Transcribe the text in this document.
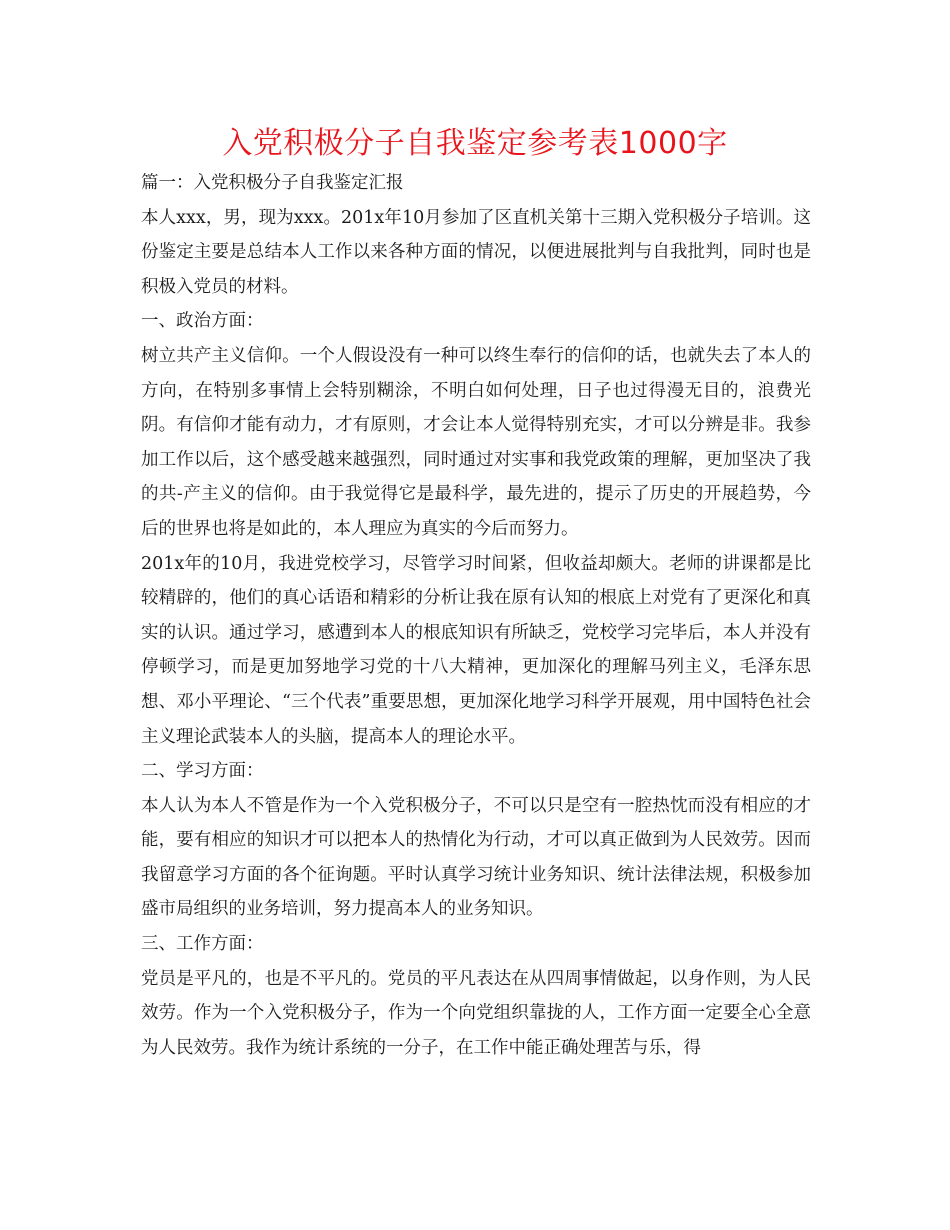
入党积极分子自我鉴定参考表1000字

篇一：入党积极分子自我鉴定汇报

本人xxx，男，现为xxx。201x年10月参加了区直机关第十三期入党积极分子培训。这份鉴定主要是总结本人工作以来各种方面的情况，以便进展批判与自我批判，同时也是积极入党员的材料。

一、政治方面：

树立共产主义信仰。一个人假设没有一种可以终生奉行的信仰的话，也就失去了本人的方向，在特别多事情上会特别糊涂，不明白如何处理，日子也过得漫无目的，浪费光阴。有信仰才能有动力，才有原则，才会让本人觉得特别充实，才可以分辨是非。我参加工作以后，这个感受越来越强烈，同时通过对实事和我党政策的理解，更加坚决了我的共-产主义的信仰。由于我觉得它是最科学，最先进的，提示了历史的开展趋势，今后的世界也将是如此的，本人理应为真实的今后而努力。

201x年的10月，我进党校学习，尽管学习时间紧，但收益却颇大。老师的讲课都是比较精辟的，他们的真心话语和精彩的分析让我在原有认知的根底上对党有了更深化和真实的认识。通过学习，感遭到本人的根底知识有所缺乏，党校学习完毕后，本人并没有停顿学习，而是更加努地学习党的十八大精神，更加深化的理解马列主义，毛泽东思想、邓小平理论、“三个代表”重要思想，更加深化地学习科学开展观，用中国特色社会主义理论武装本人的头脑，提高本人的理论水平。

二、学习方面：

本人认为本人不管是作为一个入党积极分子，不可以只是空有一腔热忱而没有相应的才能，要有相应的知识才可以把本人的热情化为行动，才可以真正做到为人民效劳。因而我留意学习方面的各个征询题。平时认真学习统计业务知识、统计法律法规，积极参加盛市局组织的业务培训，努力提高本人的业务知识。

三、工作方面：

党员是平凡的，也是不平凡的。党员的平凡表达在从四周事情做起，以身作则，为人民效劳。作为一个入党积极分子，作为一个向党组织靠拢的人，工作方面一定要全心全意为人民效劳。我作为统计系统的一分子，在工作中能正确处理苦与乐，得
